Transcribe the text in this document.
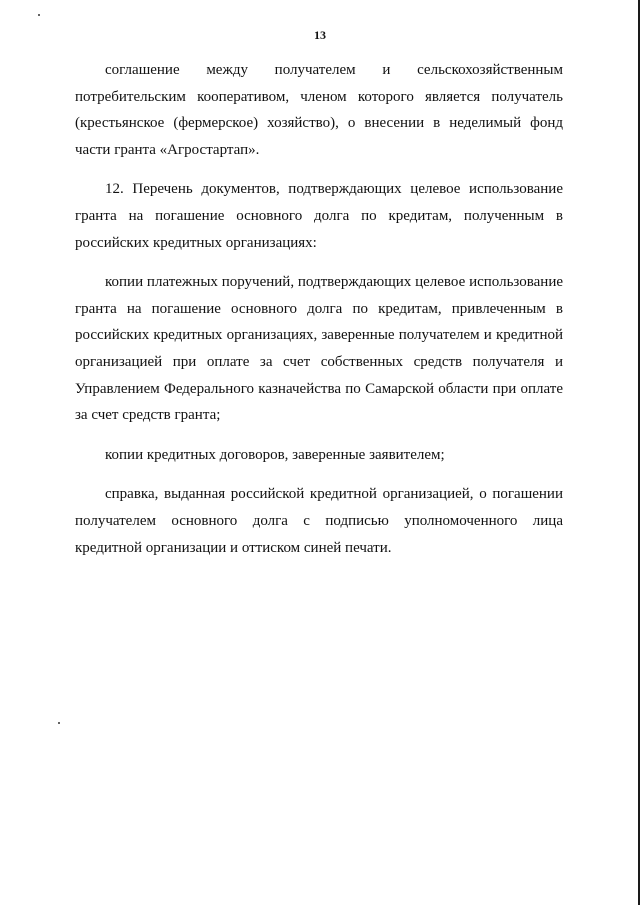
13

соглашение между получателем и сельскохозяйственным потребительским кооперативом, членом которого является получатель (крестьянское (фермерское) хозяйство), о внесении в неделимый фонд части гранта «Агростартап».

12. Перечень документов, подтверждающих целевое использование гранта на погашение основного долга по кредитам, полученным в российских кредитных организациях:

копии платежных поручений, подтверждающих целевое использование гранта на погашение основного долга по кредитам, привлеченным в российских кредитных организациях, заверенные получателем и кредитной организацией при оплате за счет собственных средств получателя и Управлением Федерального казначейства по Самарской области при оплате за счет средств гранта;

копии кредитных договоров, заверенные заявителем;

справка, выданная российской кредитной организацией, о погашении получателем основного долга с подписью уполномоченного лица кредитной организации и оттиском синей печати.
